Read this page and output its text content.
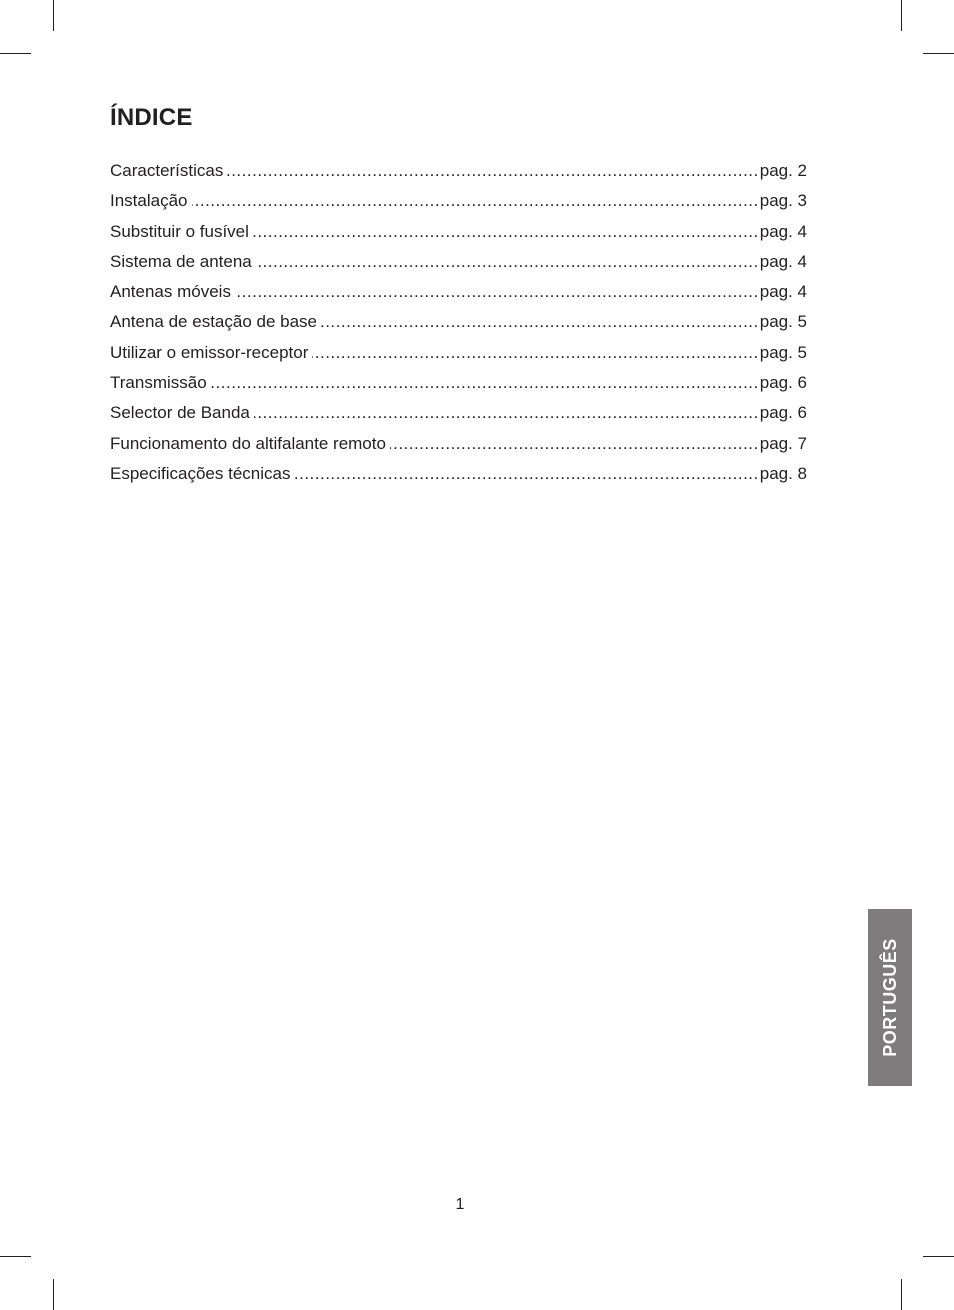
ÍNDICE
Características .....	pag. 2
Instalação .....	pag. 3
Substituir o fusível .....	pag. 4
Sistema de antena .....	pag. 4
Antenas móveis .....	pag. 4
Antena de estação de base .....	pag. 5
Utilizar o emissor-receptor .....	pag. 5
Transmissão .....	pag. 6
Selector de Banda .....	pag. 6
Funcionamento do altifalante remoto .....	pag. 7
Especificações técnicas .....	pag. 8
PORTUGUÊS
1
